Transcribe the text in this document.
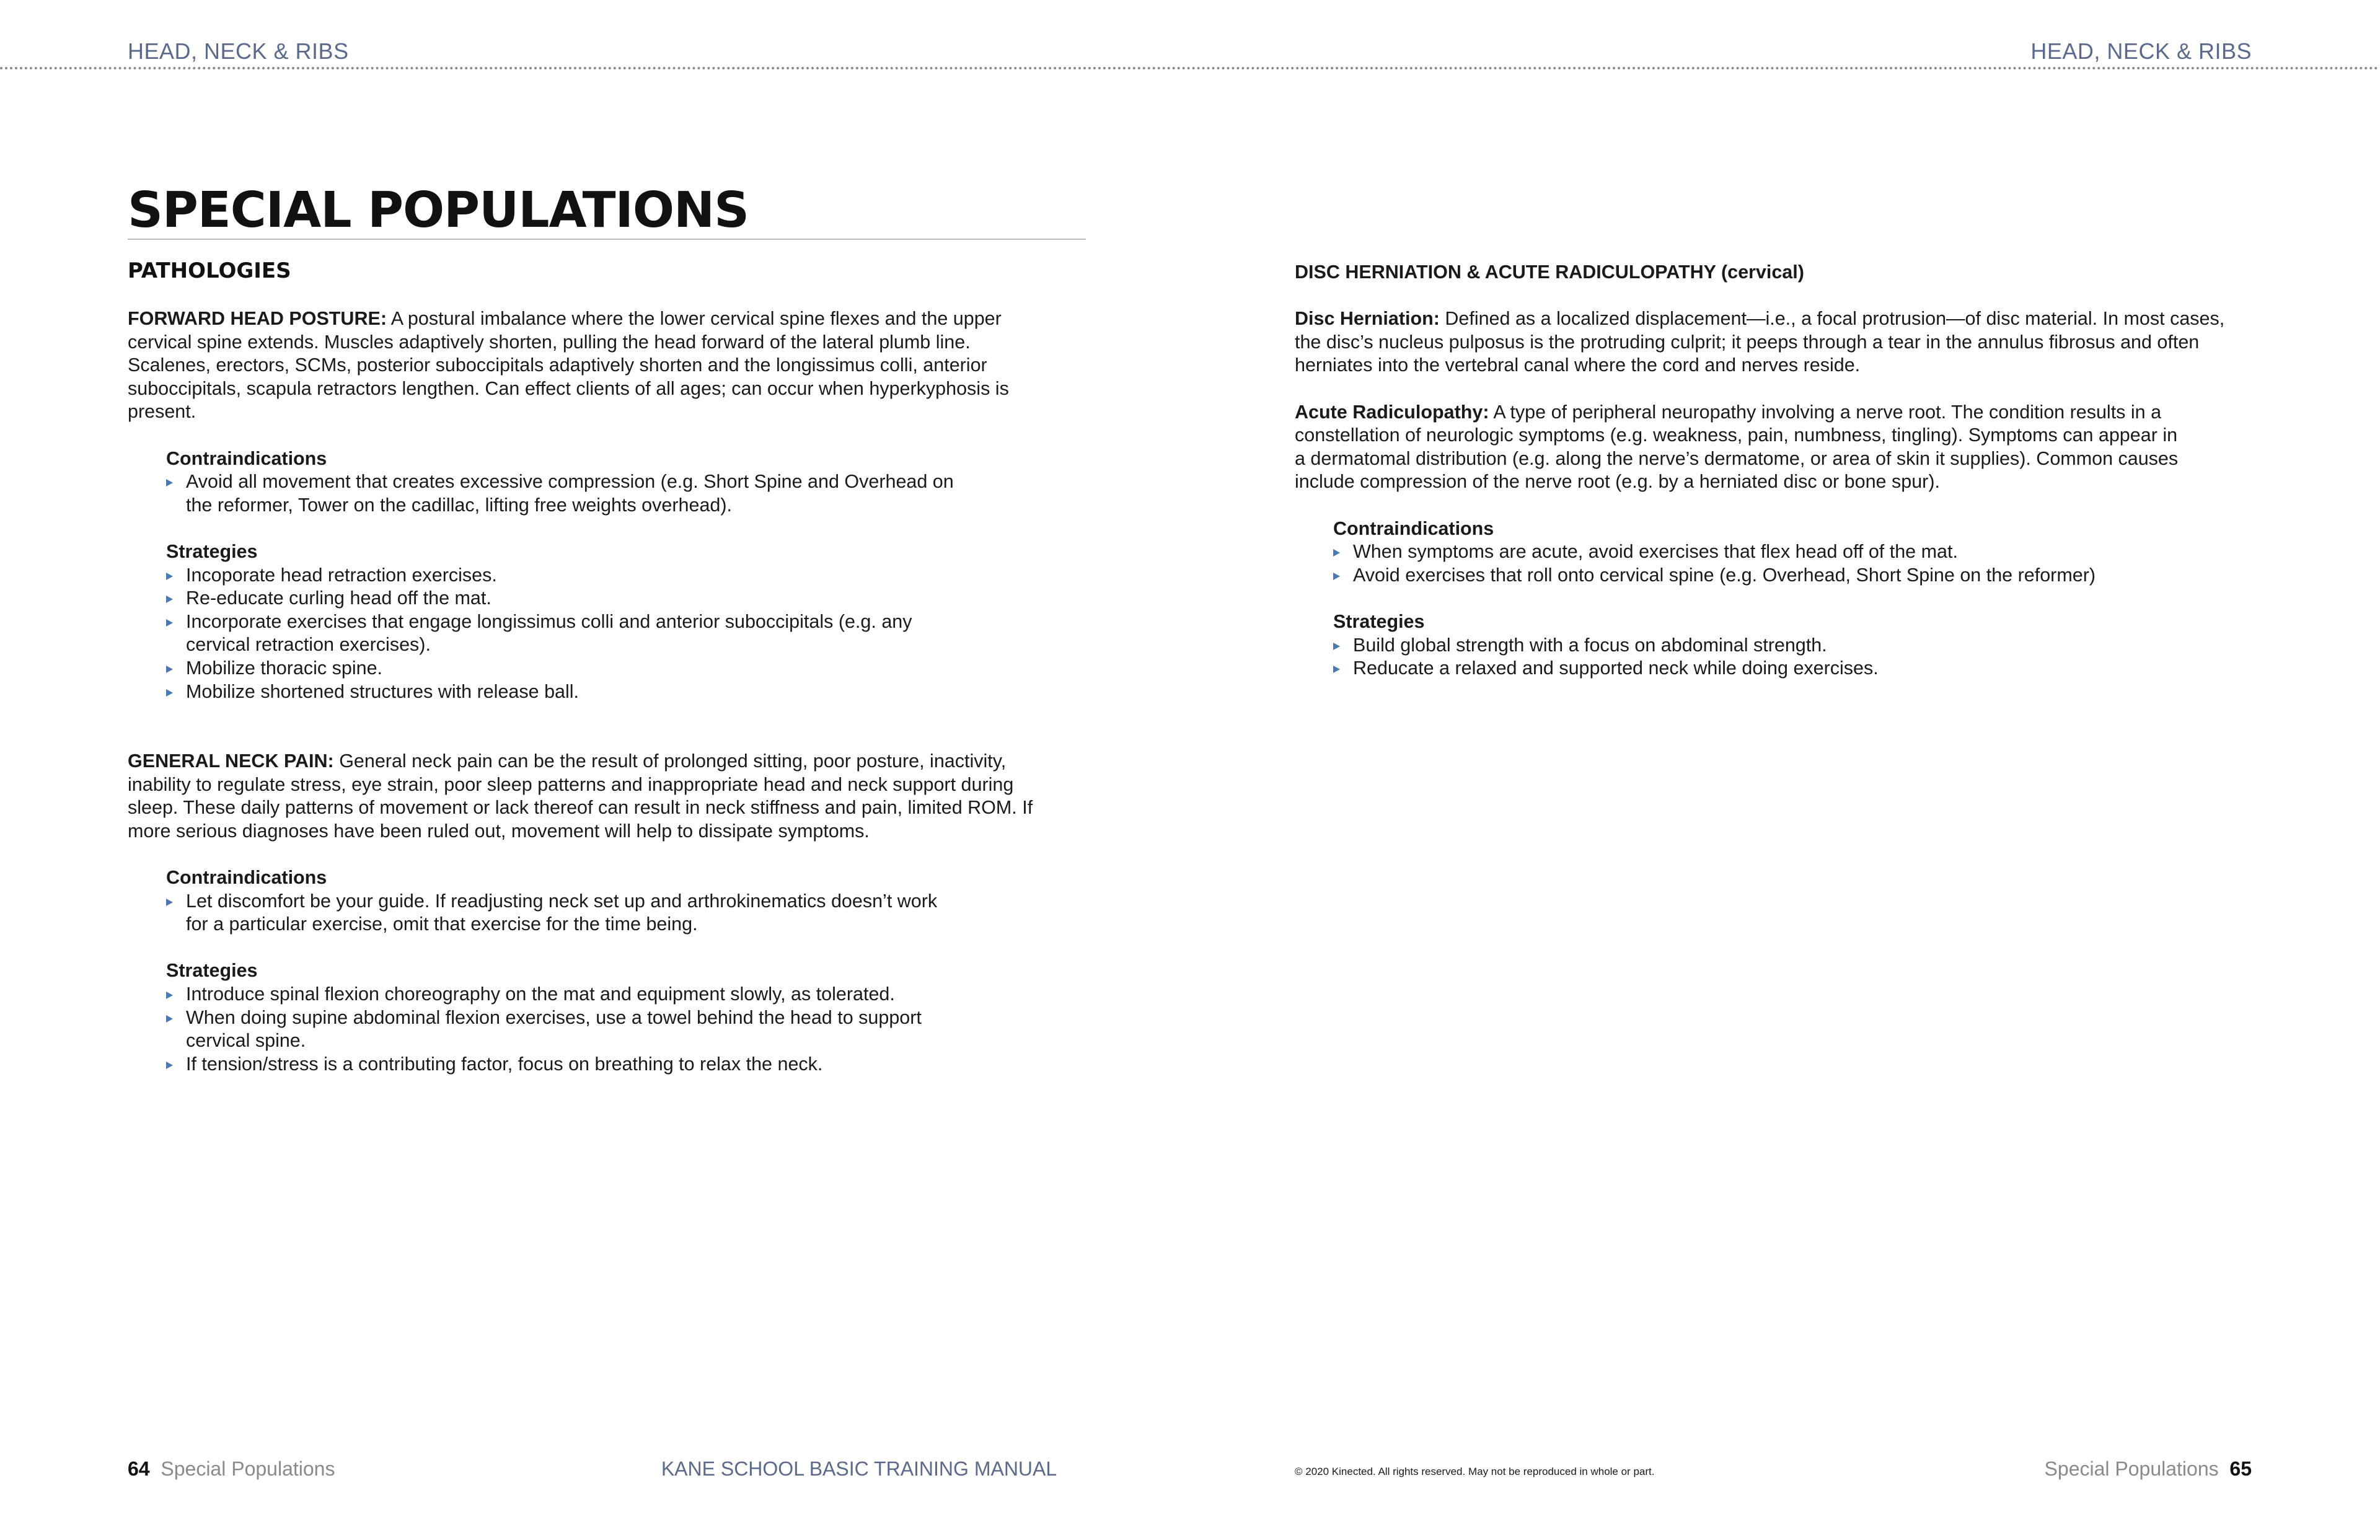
HEAD, NECK & RIBS	HEAD, NECK & RIBS
SPECIAL POPULATIONS
PATHOLOGIES

FORWARD HEAD POSTURE: A postural imbalance where the lower cervical spine flexes and the upper
cervical spine extends. Muscles adaptively shorten, pulling the head forward of the lateral plumb line.
Scalenes, erectors, SCMs, posterior suboccipitals adaptively shorten and the longissimus colli, anterior
suboccipitals, scapula retractors lengthen. Can effect clients of all ages; can occur when hyperkyphosis is
present.

Contraindications
Avoid all movement that creates excessive compression (e.g. Short Spine and Overhead on
the reformer, Tower on the cadillac, lifting free weights overhead).
Strategies
Incoporate head retraction exercises.
Re-educate curling head off the mat.
Incorporate exercises that engage longissimus colli and anterior suboccipitals (e.g. any
cervical retraction exercises).
Mobilize thoracic spine.
Mobilize shortened structures with release ball.

GENERAL NECK PAIN: General neck pain can be the result of prolonged sitting, poor posture, inactivity,
inability to regulate stress, eye strain, poor sleep patterns and inappropriate head and neck support during
sleep. These daily patterns of movement or lack thereof can result in neck stiffness and pain, limited ROM. If
more serious diagnoses have been ruled out, movement will help to dissipate symptoms.

Contraindications
Let discomfort be your guide. If readjusting neck set up and arthrokinematics doesn’t work
for a particular exercise, omit that exercise for the time being.
Strategies
Introduce spinal flexion choreography on the mat and equipment slowly, as tolerated.
When doing supine abdominal flexion exercises, use a towel behind the head to support
cervical spine.
If tension/stress is a contributing factor, focus on breathing to relax the neck.

DISC HERNIATION & ACUTE RADICULOPATHY (cervical)

Disc Herniation: Defined as a localized displacement—i.e., a focal protrusion—of disc material. In most cases,
the disc’s nucleus pulposus is the protruding culprit; it peeps through a tear in the annulus fibrosus and often
herniates into the vertebral canal where the cord and nerves reside.

Acute Radiculopathy: A type of peripheral neuropathy involving a nerve root. The condition results in a
constellation of neurologic symptoms (e.g. weakness, pain, numbness, tingling). Symptoms can appear in
a dermatomal distribution (e.g. along the nerve’s dermatome, or area of skin it supplies). Common causes
include compression of the nerve root (e.g. by a herniated disc or bone spur).

Contraindications
When symptoms are acute, avoid exercises that flex head off of the mat.
Avoid exercises that roll onto cervical spine (e.g. Overhead, Short Spine on the reformer)
Strategies
Build global strength with a focus on abdominal strength.
Reducate a relaxed and supported neck while doing exercises.
64 Special Populations	KANE SCHOOL BASIC TRAINING MANUAL	© 2020 Kinected. All rights reserved. May not be reproduced in whole or part.	Special Populations 65
